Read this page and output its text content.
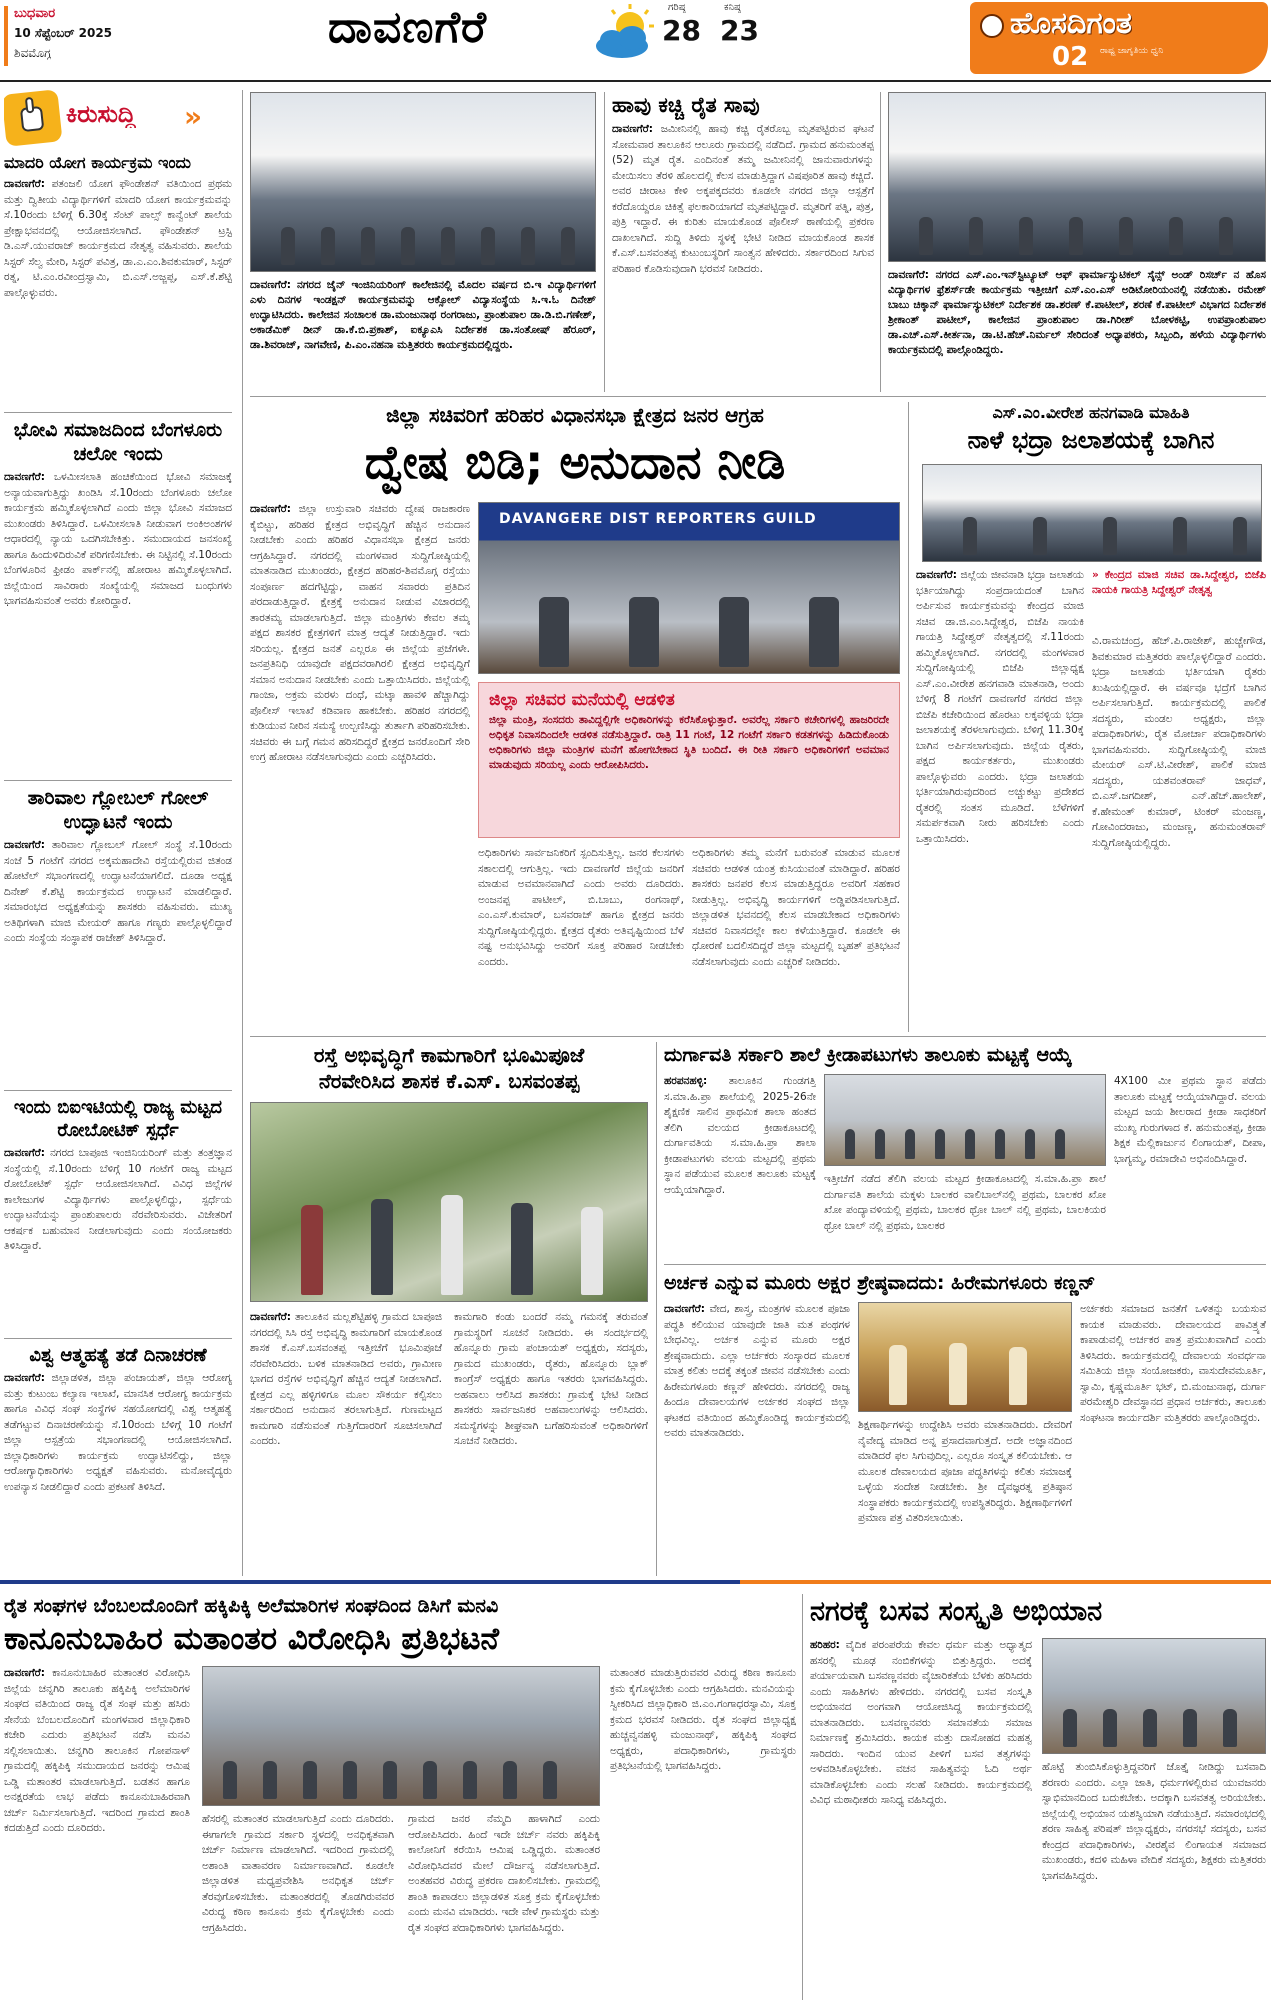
ಬುಧವಾರ
10 ಸೆಪ್ಟೆಂಬರ್ 2025
ಶಿವಮೊಗ್ಗ	ದಾವಣಗೆರೆ	ಗರಿಷ್ಠ
28
ಕನಿಷ್ಠ
23	ಹೊಸದಿಗಂತ
ರಾಷ್ಟ್ರ ಜಾಗೃತಿಯ ಧ್ವನಿ
02
ಕಿರುಸುದ್ದಿ »
ಮಾದರಿ ಯೋಗ ಕಾರ್ಯಕ್ರಮ ಇಂದು
ದಾವಣಗೆರೆ: ಪತಂಜಲಿ ಯೋಗ ಫೌಂಡೇಶನ್ ವತಿಯಿಂದ ಪ್ರಥಮ ಮತ್ತು ದ್ವಿತೀಯ ವಿದ್ಯಾರ್ಥಿಗಳಿಗೆ ಮಾದರಿ ಯೋಗ ಕಾರ್ಯಕ್ರಮವನ್ನು ಸೆ.10ರಂದು ಬೆಳಿಗ್ಗೆ 6.30ಕ್ಕೆ ಸೆಂಟ್ ಪಾಲ್ಸ್ ಕಾನ್ವೆಂಟ್ ಶಾಲೆಯ ಪ್ರೇಕ್ಷಾಭವನದಲ್ಲಿ ಆಯೋಜಿಸಲಾಗಿದೆ. ಫೌಂಡೇಶನ್ ಟ್ರಸ್ಟಿ ಡಿ.ಎಸ್.ಯುವರಾಜ್ ಕಾರ್ಯಕ್ರಮದ ನೇತೃತ್ವ ವಹಿಸುವರು. ಶಾಲೆಯ ಸಿಸ್ಟರ್ ಸೆಲ್ವ ಮೇರಿ, ಸಿಸ್ಟರ್ ಪವಿತ್ರ, ಡಾ.ಎ.ಎಂ.ಶಿವಕುಮಾರ್, ಸಿಸ್ಟರ್ ರತ್ನ, ಟಿ.ಎಂ.ರವೀಂದ್ರಸ್ವಾಮಿ, ಬಿ.ಎಸ್.ಅಜ್ಜಪ್ಪ, ಎಸ್.ಕೆ.ಶೆಟ್ಟಿ ಪಾಲ್ಗೊಳ್ಳುವರು.
ಭೋವಿ ಸಮಾಜದಿಂದ ಬೆಂಗಳೂರು ಚಲೋ ಇಂದು
ದಾವಣಗೆರೆ: ಒಳಮೀಸಲಾತಿ ಹಂಚಿಕೆಯಿಂದ ಭೋವಿ ಸಮಾಜಕ್ಕೆ ಅನ್ಯಾಯವಾಗುತ್ತಿದ್ದು ಖಂಡಿಸಿ ಸೆ.10ರಂದು ಬೆಂಗಳೂರು ಚಲೋ ಕಾರ್ಯಕ್ರಮ ಹಮ್ಮಿಕೊಳ್ಳಲಾಗಿದೆ ಎಂದು ಜಿಲ್ಲಾ ಭೋವಿ ಸಮಾಜದ ಮುಖಂಡರು ತಿಳಿಸಿದ್ದಾರೆ. ಒಳಮೀಸಲಾತಿ ನೀಡುವಾಗ ಅಂಕಿಅಂಶಗಳ ಆಧಾರದಲ್ಲಿ ನ್ಯಾಯ ಒದಗಿಸಬೇಕಿತ್ತು. ಸಮುದಾಯದ ಜನಸಂಖ್ಯೆ ಹಾಗೂ ಹಿಂದುಳಿದಿರುವಿಕೆ ಪರಿಗಣಿಸಬೇಕು. ಈ ನಿಟ್ಟಿನಲ್ಲಿ ಸೆ.10ರಂದು ಬೆಂಗಳೂರಿನ ಫ್ರೀಡಂ ಪಾರ್ಕ್‌ನಲ್ಲಿ ಹೋರಾಟ ಹಮ್ಮಿಕೊಳ್ಳಲಾಗಿದೆ. ಜಿಲ್ಲೆಯಿಂದ ಸಾವಿರಾರು ಸಂಖ್ಯೆಯಲ್ಲಿ ಸಮಾಜದ ಬಂಧುಗಳು ಭಾಗವಹಿಸುವಂತೆ ಅವರು ಕೋರಿದ್ದಾರೆ.
ತಾರಿವಾಲ ಗ್ಲೋಬಲ್ ಗೋಲ್ ಉದ್ಘಾಟನೆ ಇಂದು
ದಾವಣಗೆರೆ: ತಾರಿವಾಲ ಗ್ಲೋಬಲ್ ಗೋಲ್ ಸಂಸ್ಥೆ ಸೆ.10ರಂದು ಸಂಜೆ 5 ಗಂಟೆಗೆ ನಗರದ ಅಕ್ಕಮಹಾದೇವಿ ರಸ್ತೆಯಲ್ಲಿರುವ ಜಿತಂಡ ಹೋಟೆಲ್ ಸಭಾಂಗಣದಲ್ಲಿ ಉದ್ಘಾಟನೆಯಾಗಲಿದೆ. ದೂಡಾ ಅಧ್ಯಕ್ಷ ದಿನೇಶ್ ಕೆ.ಶೆಟ್ಟಿ ಕಾರ್ಯಕ್ರಮದ ಉದ್ಘಾಟನೆ ಮಾಡಲಿದ್ದಾರೆ. ಸಮಾರಂಭದ ಅಧ್ಯಕ್ಷತೆಯನ್ನು ಶಾಸಕರು ವಹಿಸುವರು. ಮುಖ್ಯ ಅತಿಥಿಗಳಾಗಿ ಮಾಜಿ ಮೇಯರ್ ಹಾಗೂ ಗಣ್ಯರು ಪಾಲ್ಗೊಳ್ಳಲಿದ್ದಾರೆ ಎಂದು ಸಂಸ್ಥೆಯ ಸಂಸ್ಥಾಪಕ ರಾಜೇಶ್ ತಿಳಿಸಿದ್ದಾರೆ.
ಇಂದು ಬಿಐಇಟಿಯಲ್ಲಿ ರಾಜ್ಯ ಮಟ್ಟದ ರೋಬೋಟಿಕ್ ಸ್ಪರ್ಧೆ
ದಾವಣಗೆರೆ: ನಗರದ ಬಾಪೂಜಿ ಇಂಜಿನಿಯರಿಂಗ್ ಮತ್ತು ತಂತ್ರಜ್ಞಾನ ಸಂಸ್ಥೆಯಲ್ಲಿ ಸೆ.10ರಂದು ಬೆಳಿಗ್ಗೆ 10 ಗಂಟೆಗೆ ರಾಜ್ಯ ಮಟ್ಟದ ರೋಬೋಟಿಕ್ ಸ್ಪರ್ಧೆ ಆಯೋಜಿಸಲಾಗಿದೆ. ವಿವಿಧ ಜಿಲ್ಲೆಗಳ ಕಾಲೇಜುಗಳ ವಿದ್ಯಾರ್ಥಿಗಳು ಪಾಲ್ಗೊಳ್ಳಲಿದ್ದು, ಸ್ಪರ್ಧೆಯ ಉದ್ಘಾಟನೆಯನ್ನು ಪ್ರಾಂಶುಪಾಲರು ನೆರವೇರಿಸುವರು. ವಿಜೇತರಿಗೆ ಆಕರ್ಷಕ ಬಹುಮಾನ ನೀಡಲಾಗುವುದು ಎಂದು ಸಂಯೋಜಕರು ತಿಳಿಸಿದ್ದಾರೆ.
ವಿಶ್ವ ಆತ್ಮಹತ್ಯೆ ತಡೆ ದಿನಾಚರಣೆ
ದಾವಣಗೆರೆ: ಜಿಲ್ಲಾಡಳಿತ, ಜಿಲ್ಲಾ ಪಂಚಾಯತ್, ಜಿಲ್ಲಾ ಆರೋಗ್ಯ ಮತ್ತು ಕುಟುಂಬ ಕಲ್ಯಾಣ ಇಲಾಖೆ, ಮಾನಸಿಕ ಆರೋಗ್ಯ ಕಾರ್ಯಕ್ರಮ ಹಾಗೂ ವಿವಿಧ ಸಂಘ ಸಂಸ್ಥೆಗಳ ಸಹಯೋಗದಲ್ಲಿ ವಿಶ್ವ ಆತ್ಮಹತ್ಯೆ ತಡೆಗಟ್ಟುವ ದಿನಾಚರಣೆಯನ್ನು ಸೆ.10ರಂದು ಬೆಳಿಗ್ಗೆ 10 ಗಂಟೆಗೆ ಜಿಲ್ಲಾ ಆಸ್ಪತ್ರೆಯ ಸಭಾಂಗಣದಲ್ಲಿ ಆಯೋಜಿಸಲಾಗಿದೆ. ಜಿಲ್ಲಾಧಿಕಾರಿಗಳು ಕಾರ್ಯಕ್ರಮ ಉದ್ಘಾಟಿಸಲಿದ್ದು, ಜಿಲ್ಲಾ ಆರೋಗ್ಯಾಧಿಕಾರಿಗಳು ಅಧ್ಯಕ್ಷತೆ ವಹಿಸುವರು. ಮನೋವೈದ್ಯರು ಉಪನ್ಯಾಸ ನೀಡಲಿದ್ದಾರೆ ಎಂದು ಪ್ರಕಟಣೆ ತಿಳಿಸಿದೆ.
ದಾವಣಗೆರೆ: ನಗರದ ಜೈನ್ ಇಂಜಿನಿಯರಿಂಗ್ ಕಾಲೇಜಿನಲ್ಲಿ ಮೊದಲ ವರ್ಷದ ಬಿ.ಇ ವಿದ್ಯಾರ್ಥಿಗಳಿಗೆ ಎಳು ದಿನಗಳ ಇಂಡಕ್ಷನ್ ಕಾರ್ಯಕ್ರಮವನ್ನು ಆಕ್ಸೋಲ್ ವಿದ್ಯಾಸಂಸ್ಥೆಯ ಸಿ.ಇ.ಓ ದಿನೇಶ್ ಉದ್ಘಾಟಿಸಿದರು. ಕಾಲೇಜಿನ ಸಂಚಾಲಕ ಡಾ.ಮಂಜುನಾಥ ರಂಗರಾಜು, ಪ್ರಾಂಶುಪಾಲ ಡಾ.ಡಿ.ಬಿ.ಗಣೇಶ್, ಅಕಾಡೆಮಿಕ್ ಡೀನ್ ಡಾ.ಕೆ.ಬಿ.ಪ್ರಕಾಶ್, ಐಕ್ಯೂಎಸಿ ನಿರ್ದೇಶಕ ಡಾ.ಸಂತೋಷ್ ಹೆರೂರ್, ಡಾ.ಶಿವರಾಜ್, ನಾಗವೇಣಿ, ಪಿ.ಎಂ.ನಹನಾ ಮತ್ತಿತರರು ಕಾರ್ಯಕ್ರಮದಲ್ಲಿದ್ದರು.
ಹಾವು ಕಚ್ಚಿ ರೈತ ಸಾವು
ದಾವಣಗೆರೆ: ಜಮೀನಿನಲ್ಲಿ ಹಾವು ಕಚ್ಚಿ ರೈತರೊಬ್ಬ ಮೃತಪಟ್ಟಿರುವ ಘಟನೆ ಸೋಮವಾರ ತಾಲೂಕಿನ ಆಲೂರು ಗ್ರಾಮದಲ್ಲಿ ನಡೆದಿದೆ. ಗ್ರಾಮದ ಹನುಮಂತಪ್ಪ (52) ಮೃತ ರೈತ. ಎಂದಿನಂತೆ ತಮ್ಮ ಜಮೀನಿನಲ್ಲಿ ಜಾನುವಾರುಗಳನ್ನು ಮೇಯಿಸಲು ತೆರಳಿ ಹೊಲದಲ್ಲಿ ಕೆಲಸ ಮಾಡುತ್ತಿದ್ದಾಗ ವಿಷಪೂರಿತ ಹಾವು ಕಚ್ಚಿದೆ. ಅವರ ಚೀರಾಟ ಕೇಳಿ ಅಕ್ಕಪಕ್ಕದವರು ಕೂಡಲೇ ನಗರದ ಜಿಲ್ಲಾ ಆಸ್ಪತ್ರೆಗೆ ಕರೆದೊಯ್ದರೂ ಚಿಕಿತ್ಸೆ ಫಲಕಾರಿಯಾಗದೆ ಮೃತಪಟ್ಟಿದ್ದಾರೆ. ಮೃತರಿಗೆ ಪತ್ನಿ, ಪುತ್ರ, ಪುತ್ರಿ ಇದ್ದಾರೆ. ಈ ಕುರಿತು ಮಾಯಕೊಂಡ ಪೊಲೀಸ್ ಠಾಣೆಯಲ್ಲಿ ಪ್ರಕರಣ ದಾಖಲಾಗಿದೆ. ಸುದ್ದಿ ತಿಳಿದು ಸ್ಥಳಕ್ಕೆ ಭೇಟಿ ನೀಡಿದ ಮಾಯಕೊಂಡ ಶಾಸಕ ಕೆ.ಎಸ್.ಬಸವಂತಪ್ಪ ಕುಟುಂಬಸ್ಥರಿಗೆ ಸಾಂತ್ವನ ಹೇಳಿದರು. ಸರ್ಕಾರದಿಂದ ಸಿಗುವ ಪರಿಹಾರ ಕೊಡಿಸುವುದಾಗಿ ಭರವಸೆ ನೀಡಿದರು.
ದಾವಣಗೆರೆ: ನಗರದ ಎಸ್.ಎಂ.ಇನ್‌ಸ್ಟಿಟ್ಯೂಟ್ ಆಫ್ ಫಾರ್ಮಾಸ್ಯುಟಿಕಲ್ ಸೈನ್ಸ್ ಅಂಡ್ ರಿಸರ್ಚ್ ನ ಹೊಸ ವಿದ್ಯಾರ್ಥಿಗಳ ಫ್ರೆಶರ್ಸ್‌ಡೇ ಕಾರ್ಯಕ್ರಮ ಇತ್ತೀಚಿಗೆ ಎಸ್.ಎಂ.ಎಸ್ ಅಡಿಟೋರಿಯಂನಲ್ಲಿ ನಡೆಯಿತು. ರಮೇಶ್ ಬಾಬು ಚಿಕ್ಕಾನ್ ಫಾರ್ಮಾಸ್ಯುಟಿಕಲ್ ನಿರ್ದೇಶಕ ಡಾ.ಶರಣ್ ಕೆ.ಪಾಟೀಲ್, ಶರಣೆ ಕೆ.ಪಾಟೀಲ್ ವಿಭಾಗದ ನಿರ್ದೇಶಕ ಶ್ರೀಕಾಂತ್ ಪಾಟೀಲ್, ಕಾಲೇಜಿನ ಪ್ರಾಂಶುಪಾಲ ಡಾ.ಗಿರೀಶ್ ಬೋಳಕಟ್ಟಿ, ಉಪಪ್ರಾಂಶುಪಾಲ ಡಾ.ಎಚ್.ಎಸ್.ಕೀರ್ತನಾ, ಡಾ.ಟಿ.ಹೆಚ್.ನಿರ್ಮಲ್ ಸೇರಿದಂತೆ ಅಧ್ಯಾಪಕರು, ಸಿಬ್ಬಂದಿ, ಹಳೆಯ ವಿದ್ಯಾರ್ಥಿಗಳು ಕಾರ್ಯಕ್ರಮದಲ್ಲಿ ಪಾಲ್ಗೊಂಡಿದ್ದರು.
ಜಿಲ್ಲಾ ಸಚಿವರಿಗೆ ಹರಿಹರ ವಿಧಾನಸಭಾ ಕ್ಷೇತ್ರದ ಜನರ ಆಗ್ರಹ
ದ್ವೇಷ ಬಿಡಿ; ಅನುದಾನ ನೀಡಿ
ದಾವಣಗೆರೆ: ಜಿಲ್ಲಾ ಉಸ್ತುವಾರಿ ಸಚಿವರು ದ್ವೇಷ ರಾಜಕಾರಣ ಕೈಬಿಟ್ಟು, ಹರಿಹರ ಕ್ಷೇತ್ರದ ಅಭಿವೃದ್ಧಿಗೆ ಹೆಚ್ಚಿನ ಅನುದಾನ ನೀಡಬೇಕು ಎಂದು ಹರಿಹರ ವಿಧಾನಸಭಾ ಕ್ಷೇತ್ರದ ಜನರು ಆಗ್ರಹಿಸಿದ್ದಾರೆ. ನಗರದಲ್ಲಿ ಮಂಗಳವಾರ ಸುದ್ದಿಗೋಷ್ಠಿಯಲ್ಲಿ ಮಾತನಾಡಿದ ಮುಖಂಡರು, ಕ್ಷೇತ್ರದ ಹರಿಹರ-ಶಿವಮೊಗ್ಗ ರಸ್ತೆಯು ಸಂಪೂರ್ಣ ಹದಗೆಟ್ಟಿದ್ದು, ವಾಹನ ಸವಾರರು ಪ್ರತಿದಿನ ಪರದಾಡುತ್ತಿದ್ದಾರೆ. ಕ್ಷೇತ್ರಕ್ಕೆ ಅನುದಾನ ನೀಡುವ ವಿಚಾರದಲ್ಲಿ ತಾರತಮ್ಯ ಮಾಡಲಾಗುತ್ತಿದೆ. ಜಿಲ್ಲಾ ಮಂತ್ರಿಗಳು ಕೇವಲ ತಮ್ಮ ಪಕ್ಷದ ಶಾಸಕರ ಕ್ಷೇತ್ರಗಳಿಗೆ ಮಾತ್ರ ಆದ್ಯತೆ ನೀಡುತ್ತಿದ್ದಾರೆ. ಇದು ಸರಿಯಲ್ಲ. ಕ್ಷೇತ್ರದ ಜನತೆ ಎಲ್ಲರೂ ಈ ಜಿಲ್ಲೆಯ ಪ್ರಜೆಗಳೇ. ಜನಪ್ರತಿನಿಧಿ ಯಾವುದೇ ಪಕ್ಷದವರಾಗಿರಲಿ ಕ್ಷೇತ್ರದ ಅಭಿವೃದ್ಧಿಗೆ ಸಮಾನ ಅನುದಾನ ನೀಡಬೇಕು ಎಂದು ಒತ್ತಾಯಿಸಿದರು. ಜಿಲ್ಲೆಯಲ್ಲಿ ಗಾಂಜಾ, ಅಕ್ರಮ ಮರಳು ದಂಧೆ, ಮಟ್ಕಾ ಹಾವಳಿ ಹೆಚ್ಚಾಗಿದ್ದು ಪೊಲೀಸ್ ಇಲಾಖೆ ಕಡಿವಾಣ ಹಾಕಬೇಕು. ಹರಿಹರ ನಗರದಲ್ಲಿ ಕುಡಿಯುವ ನೀರಿನ ಸಮಸ್ಯೆ ಉಲ್ಬಣಿಸಿದ್ದು ತುರ್ತಾಗಿ ಪರಿಹರಿಸಬೇಕು. ಸಚಿವರು ಈ ಬಗ್ಗೆ ಗಮನ ಹರಿಸದಿದ್ದರೆ ಕ್ಷೇತ್ರದ ಜನರೊಂದಿಗೆ ಸೇರಿ ಉಗ್ರ ಹೋರಾಟ ನಡೆಸಲಾಗುವುದು ಎಂದು ಎಚ್ಚರಿಸಿದರು.
DAVANGERE DIST REPORTERS GUILD
ಜಿಲ್ಲಾ ಸಚಿವರ ಮನೆಯಲ್ಲಿ ಆಡಳಿತ
ಜಿಲ್ಲಾ ಮಂತ್ರಿ, ಸಂಸದರು ತಾವಿದ್ದಲ್ಲಿಗೇ ಅಧಿಕಾರಿಗಳನ್ನು ಕರೆಸಿಕೊಳ್ಳುತ್ತಾರೆ. ಅವರೆಲ್ಲ ಸರ್ಕಾರಿ ಕಚೇರಿಗಳಲ್ಲಿ ಹಾಜರಿರದೇ ಅಧಿಕೃತ ನಿವಾಸದಿಂದಲೇ ಆಡಳಿತ ನಡೆಸುತ್ತಿದ್ದಾರೆ. ರಾತ್ರಿ 11 ಗಂಟೆ, 12 ಗಂಟೆಗೆ ಸರ್ಕಾರಿ ಕಡತಗಳನ್ನು ಹಿಡಿದುಕೊಂಡು ಅಧಿಕಾರಿಗಳು ಜಿಲ್ಲಾ ಮಂತ್ರಿಗಳ ಮನೆಗೆ ಹೋಗಬೇಕಾದ ಸ್ಥಿತಿ ಬಂದಿದೆ. ಈ ರೀತಿ ಸರ್ಕಾರಿ ಅಧಿಕಾರಿಗಳಿಗೆ ಅವಮಾನ ಮಾಡುವುದು ಸರಿಯಲ್ಲ ಎಂದು ಆರೋಪಿಸಿದರು.
ಅಧಿಕಾರಿಗಳು ಸಾರ್ವಜನಿಕರಿಗೆ ಸ್ಪಂದಿಸುತ್ತಿಲ್ಲ. ಜನರ ಕೆಲಸಗಳು ಸಕಾಲದಲ್ಲಿ ಆಗುತ್ತಿಲ್ಲ. ಇದು ದಾವಣಗೆರೆ ಜಿಲ್ಲೆಯ ಜನರಿಗೆ ಮಾಡುವ ಅವಮಾನವಾಗಿದೆ ಎಂದು ಅವರು ದೂರಿದರು. ಅಂಜನಪ್ಪ ಪಾಟೀಲ್, ಬಿ.ಬಾಬು, ರಂಗನಾಥ್, ಎಂ.ಎಸ್.ಕುಮಾರ್, ಬಸವರಾಜ್ ಹಾಗೂ ಕ್ಷೇತ್ರದ ಜನರು ಸುದ್ದಿಗೋಷ್ಠಿಯಲ್ಲಿದ್ದರು. ಕ್ಷೇತ್ರದ ರೈತರು ಅತಿವೃಷ್ಟಿಯಿಂದ ಬೆಳೆ ನಷ್ಟ ಅನುಭವಿಸಿದ್ದು ಅವರಿಗೆ ಸೂಕ್ತ ಪರಿಹಾರ ನೀಡಬೇಕು ಎಂದರು.
ಅಧಿಕಾರಿಗಳು ತಮ್ಮ ಮನೆಗೆ ಬರುವಂತೆ ಮಾಡುವ ಮೂಲಕ ಸಚಿವರು ಆಡಳಿತ ಯಂತ್ರ ಕುಸಿಯುವಂತೆ ಮಾಡಿದ್ದಾರೆ. ಹರಿಹರ ಶಾಸಕರು ಜನಪರ ಕೆಲಸ ಮಾಡುತ್ತಿದ್ದರೂ ಅವರಿಗೆ ಸಹಕಾರ ನೀಡುತ್ತಿಲ್ಲ. ಅಭಿವೃದ್ಧಿ ಕಾರ್ಯಗಳಿಗೆ ಅಡ್ಡಿಪಡಿಸಲಾಗುತ್ತಿದೆ. ಜಿಲ್ಲಾಡಳಿತ ಭವನದಲ್ಲಿ ಕೆಲಸ ಮಾಡಬೇಕಾದ ಅಧಿಕಾರಿಗಳು ಸಚಿವರ ನಿವಾಸದಲ್ಲೇ ಕಾಲ ಕಳೆಯುತ್ತಿದ್ದಾರೆ. ಕೂಡಲೇ ಈ ಧೋರಣೆ ಬದಲಿಸದಿದ್ದರೆ ಜಿಲ್ಲಾ ಮಟ್ಟದಲ್ಲಿ ಬೃಹತ್ ಪ್ರತಿಭಟನೆ ನಡೆಸಲಾಗುವುದು ಎಂದು ಎಚ್ಚರಿಕೆ ನೀಡಿದರು.
ಎಸ್.ಎಂ.ವೀರೇಶ ಹನಗವಾಡಿ ಮಾಹಿತಿ
ನಾಳೆ ಭದ್ರಾ ಜಲಾಶಯಕ್ಕೆ ಬಾಗಿನ
ದಾವಣಗೆರೆ: ಜಿಲ್ಲೆಯ ಜೀವನಾಡಿ ಭದ್ರಾ ಜಲಾಶಯ ಭರ್ತಿಯಾಗಿದ್ದು ಸಂಪ್ರದಾಯದಂತೆ ಬಾಗಿನ ಅರ್ಪಿಸುವ ಕಾರ್ಯಕ್ರಮವನ್ನು ಕೇಂದ್ರದ ಮಾಜಿ ಸಚಿವ ಡಾ.ಜಿ.ಎಂ.ಸಿದ್ದೇಶ್ವರ, ಬಿಜೆಪಿ ನಾಯಕಿ ಗಾಯತ್ರಿ ಸಿದ್ದೇಶ್ವರ್ ನೇತೃತ್ವದಲ್ಲಿ ಸೆ.11ರಂದು ಹಮ್ಮಿಕೊಳ್ಳಲಾಗಿದೆ. ನಗರದಲ್ಲಿ ಮಂಗಳವಾರ ಸುದ್ದಿಗೋಷ್ಠಿಯಲ್ಲಿ ಬಿಜೆಪಿ ಜಿಲ್ಲಾಧ್ಯಕ್ಷ ಎಸ್.ಎಂ.ವೀರೇಶ ಹನಗವಾಡಿ ಮಾತನಾಡಿ, ಅಂದು ಬೆಳಿಗ್ಗೆ 8 ಗಂಟೆಗೆ ದಾವಣಗೆರೆ ನಗರದ ಜಿಲ್ಲಾ ಬಿಜೆಪಿ ಕಚೇರಿಯಿಂದ ಹೊರಟು ಲಕ್ಕವಳ್ಳಿಯ ಭದ್ರಾ ಜಲಾಶಯಕ್ಕೆ ತೆರಳಲಾಗುವುದು. ಬೆಳಿಗ್ಗೆ 11.30ಕ್ಕೆ ಬಾಗಿನ ಅರ್ಪಿಸಲಾಗುವುದು. ಜಿಲ್ಲೆಯ ರೈತರು, ಪಕ್ಷದ ಕಾರ್ಯಕರ್ತರು, ಮುಖಂಡರು ಪಾಲ್ಗೊಳ್ಳುವರು ಎಂದರು. ಭದ್ರಾ ಜಲಾಶಯ ಭರ್ತಿಯಾಗಿರುವುದರಿಂದ ಅಚ್ಚುಕಟ್ಟು ಪ್ರದೇಶದ ರೈತರಲ್ಲಿ ಸಂತಸ ಮೂಡಿದೆ. ಬೆಳೆಗಳಿಗೆ ಸಮರ್ಪಕವಾಗಿ ನೀರು ಹರಿಸಬೇಕು ಎಂದು ಒತ್ತಾಯಿಸಿದರು.
» ಕೇಂದ್ರದ ಮಾಜಿ ಸಚಿವ ಡಾ.ಸಿದ್ದೇಶ್ವರ, ಬಿಜೆಪಿ ನಾಯಕಿ ಗಾಯತ್ರಿ ಸಿದ್ದೇಶ್ವರ್ ನೇತೃತ್ವ
ವಿ.ರಾಮಚಂದ್ರ, ಹೆಚ್.ಪಿ.ರಾಜೇಶ್, ಹುಚ್ಚೇಗೌಡ, ಶಿವಕುಮಾರ ಮತ್ತಿತರರು ಪಾಲ್ಗೊಳ್ಳಲಿದ್ದಾರೆ ಎಂದರು. ಭದ್ರಾ ಜಲಾಶಯ ಭರ್ತಿಯಾಗಿ ರೈತರು ಖುಷಿಯಲ್ಲಿದ್ದಾರೆ. ಈ ವರ್ಷವೂ ಭದ್ರೆಗೆ ಬಾಗಿನ ಅರ್ಪಿಸಲಾಗುತ್ತಿದೆ. ಕಾರ್ಯಕ್ರಮದಲ್ಲಿ ಪಾಲಿಕೆ ಸದಸ್ಯರು, ಮಂಡಲ ಅಧ್ಯಕ್ಷರು, ಜಿಲ್ಲಾ ಪದಾಧಿಕಾರಿಗಳು, ರೈತ ಮೋರ್ಚಾ ಪದಾಧಿಕಾರಿಗಳು ಭಾಗವಹಿಸುವರು. ಸುದ್ದಿಗೋಷ್ಠಿಯಲ್ಲಿ ಮಾಜಿ ಮೇಯರ್ ಎಸ್.ಟಿ.ವೀರೇಶ್, ಪಾಲಿಕೆ ಮಾಜಿ ಸದಸ್ಯರು, ಯಶವಂತರಾವ್ ಜಾಧವ್, ಬಿ.ಎಸ್.ಜಗದೀಶ್, ಎನ್.ಹೆಚ್.ಹಾಲೇಶ್, ಕೆ.ಹೇಮಂತ್ ಕುಮಾರ್, ಟಿಂಕರ್ ಮಂಜಣ್ಣ, ಗೋವಿಂದರಾಜು, ಮಂಜಣ್ಣ, ಹನುಮಂತರಾವ್ ಸುದ್ದಿಗೋಷ್ಠಿಯಲ್ಲಿದ್ದರು.
ರಸ್ತೆ ಅಭಿವೃದ್ಧಿಗೆ ಕಾಮಗಾರಿಗೆ ಭೂಮಿಪೂಜೆ
ನೆರವೇರಿಸಿದ ಶಾಸಕ ಕೆ.ಎಸ್. ಬಸವಂತಪ್ಪ
ದಾವಣಗೆರೆ: ತಾಲೂಕಿನ ಮಲ್ಲಶೆಟ್ಟಿಹಳ್ಳಿ ಗ್ರಾಮದ ಬಾಪೂಜಿ ನಗರದಲ್ಲಿ ಸಿಸಿ ರಸ್ತೆ ಅಭಿವೃದ್ಧಿ ಕಾಮಗಾರಿಗೆ ಮಾಯಕೊಂಡ ಶಾಸಕ ಕೆ.ಎಸ್.ಬಸವಂತಪ್ಪ ಇತ್ತೀಚೆಗೆ ಭೂಮಿಪೂಜೆ ನೆರವೇರಿಸಿದರು. ಬಳಿಕ ಮಾತನಾಡಿದ ಅವರು, ಗ್ರಾಮೀಣ ಭಾಗದ ರಸ್ತೆಗಳ ಅಭಿವೃದ್ಧಿಗೆ ಹೆಚ್ಚಿನ ಆದ್ಯತೆ ನೀಡಲಾಗಿದೆ. ಕ್ಷೇತ್ರದ ಎಲ್ಲ ಹಳ್ಳಿಗಳಿಗೂ ಮೂಲ ಸೌಕರ್ಯ ಕಲ್ಪಿಸಲು ಸರ್ಕಾರದಿಂದ ಅನುದಾನ ತರಲಾಗುತ್ತಿದೆ. ಗುಣಮಟ್ಟದ ಕಾಮಗಾರಿ ನಡೆಸುವಂತೆ ಗುತ್ತಿಗೆದಾರರಿಗೆ ಸೂಚಿಸಲಾಗಿದೆ ಎಂದರು.
ಕಾಮಗಾರಿ ಕಂಡು ಬಂದರೆ ನಮ್ಮ ಗಮನಕ್ಕೆ ತರುವಂತೆ ಗ್ರಾಮಸ್ಥರಿಗೆ ಸೂಚನೆ ನೀಡಿದರು. ಈ ಸಂದರ್ಭದಲ್ಲಿ ಹೊನ್ನೂರು ಗ್ರಾಮ ಪಂಚಾಯತ್ ಅಧ್ಯಕ್ಷರು, ಸದಸ್ಯರು, ಗ್ರಾಮದ ಮುಖಂಡರು, ರೈತರು, ಹೊನ್ನೂರು ಬ್ಲಾಕ್ ಕಾಂಗ್ರೆಸ್ ಅಧ್ಯಕ್ಷರು ಹಾಗೂ ಇತರರು ಭಾಗವಹಿಸಿದ್ದರು. ಅಹವಾಲು ಆಲಿಸಿದ ಶಾಸಕರು: ಗ್ರಾಮಕ್ಕೆ ಭೇಟಿ ನೀಡಿದ ಶಾಸಕರು ಸಾರ್ವಜನಿಕರ ಅಹವಾಲುಗಳನ್ನು ಆಲಿಸಿದರು. ಸಮಸ್ಯೆಗಳನ್ನು ಶೀಘ್ರವಾಗಿ ಬಗೆಹರಿಸುವಂತೆ ಅಧಿಕಾರಿಗಳಿಗೆ ಸೂಚನೆ ನೀಡಿದರು.
ದುರ್ಗಾವತಿ ಸರ್ಕಾರಿ ಶಾಲೆ ಕ್ರೀಡಾಪಟುಗಳು ತಾಲೂಕು ಮಟ್ಟಕ್ಕೆ ಆಯ್ಕೆ
ಹರಪನಹಳ್ಳಿ: ತಾಲೂಕಿನ ಗುಂಡಗತ್ತಿ ಸ.ಮಾ.ಹಿ.ಪ್ರಾ ಶಾಲೆಯಲ್ಲಿ 2025-26ನೇ ಶೈಕ್ಷಣಿಕ ಸಾಲಿನ ಪ್ರಾಥಮಿಕ ಶಾಲಾ ಹಂತದ ತೆಲಿಗಿ ವಲಯದ ಕ್ರೀಡಾಕೂಟದಲ್ಲಿ ದುರ್ಗಾವತಿಯ ಸ.ಮಾ.ಹಿ.ಪ್ರಾ ಶಾಲಾ ಕ್ರೀಡಾಪಟುಗಳು ವಲಯ ಮಟ್ಟದಲ್ಲಿ ಪ್ರಥಮ ಸ್ಥಾನ ಪಡೆಯುವ ಮೂಲಕ ತಾಲೂಕು ಮಟ್ಟಕ್ಕೆ ಆಯ್ಕೆಯಾಗಿದ್ದಾರೆ.
ಇತ್ತೀಚೆಗೆ ನಡೆದ ತೆಲಿಗಿ ವಲಯ ಮಟ್ಟದ ಕ್ರೀಡಾಕೂಟದಲ್ಲಿ ಸ.ಮಾ.ಹಿ.ಪ್ರಾ ಶಾಲೆ ದುರ್ಗಾವತಿ ಶಾಲೆಯ ಮಕ್ಕಳು ಬಾಲಕರ ವಾಲಿಬಾಲ್‌ನಲ್ಲಿ ಪ್ರಥಮ, ಬಾಲಕರ ಖೋ ಖೋ ಪಂದ್ಯಾವಳಿಯಲ್ಲಿ ಪ್ರಥಮ, ಬಾಲಕರ ಥ್ರೋ ಬಾಲ್ ನಲ್ಲಿ ಪ್ರಥಮ, ಬಾಲಕಿಯರ ಥ್ರೋ ಬಾಲ್ ನಲ್ಲಿ ಪ್ರಥಮ, ಬಾಲಕರ
4X100 ಮೀ ಪ್ರಥಮ ಸ್ಥಾನ ಪಡೆದು ತಾಲೂಕು ಮಟ್ಟಕ್ಕೆ ಆಯ್ಕೆಯಾಗಿದ್ದಾರೆ. ವಲಯ ಮಟ್ಟದ ಜಯ ಶೀಲರಾದ ಕ್ರೀಡಾ ಸಾಧಕರಿಗೆ ಮುಖ್ಯ ಗುರುಗಳಾದ ಕೆ. ಹನುಮಂತಪ್ಪ, ಕ್ರೀಡಾ ಶಿಕ್ಷಕ ಮೆಲ್ಲಿಕಾರ್ಜುನ ಲಿಂಗಾಯತ್, ದೀಪಾ, ಭಾಗ್ಯಮ್ಮ, ರಮಾದೇವಿ ಅಭಿನಂದಿಸಿದ್ದಾರೆ.
ಅರ್ಚಕ ಎನ್ನುವ ಮೂರು ಅಕ್ಷರ ಶ್ರೇಷ್ಠವಾದದು: ಹಿರೇಮಗಳೂರು ಕಣ್ಣನ್
ದಾವಣಗೆರೆ: ವೇದ, ಶಾಸ್ತ್ರ, ಮಂತ್ರಗಳ ಮೂಲಕ ಪೂಜಾ ಪದ್ಧತಿ ಕಲಿಯುವ ಯಾವುದೇ ಜಾತಿ ಮತ ಪಂಥಗಳ ಬೇಧವಿಲ್ಲ. ಅರ್ಚಕ ಎನ್ನುವ ಮೂರು ಅಕ್ಷರ ಶ್ರೇಷ್ಠವಾದುದು. ಎಲ್ಲಾ ಅರ್ಚಕರು ಸಂಸ್ಕಾರದ ಮೂಲಕ ಮಾತ್ರ ಕಲಿತು ಅದಕ್ಕೆ ತಕ್ಕಂತೆ ಜೀವನ ನಡೆಸಬೇಕು ಎಂದು ಹಿರೇಮಗಳೂರು ಕಣ್ಣನ್ ಹೇಳಿದರು. ನಗರದಲ್ಲಿ ರಾಜ್ಯ ಹಿಂದೂ ದೇವಾಲಯಗಳ ಅರ್ಚಕರ ಸಂಘದ ಜಿಲ್ಲಾ ಘಟಕದ ವತಿಯಿಂದ ಹಮ್ಮಿಕೊಂಡಿದ್ದ ಕಾರ್ಯಕ್ರಮದಲ್ಲಿ ಅವರು ಮಾತನಾಡಿದರು.
ಶಿಕ್ಷಣಾರ್ಥಿಗಳನ್ನು ಉದ್ದೇಶಿಸಿ ಅವರು ಮಾತನಾಡಿದರು. ದೇವರಿಗೆ ನೈವೇದ್ಯ ಮಾಡಿದ ಅನ್ನ ಪ್ರಸಾದವಾಗುತ್ತದೆ. ಅದೇ ಅಜ್ಞಾನದಿಂದ ಮಾಡಿದರೆ ಫಲ ಸಿಗುವುದಿಲ್ಲ. ಎಲ್ಲರೂ ಸಂಸ್ಕೃತ ಕಲಿಯಬೇಕು. ಆ ಮೂಲಕ ದೇವಾಲಯದ ಪೂಜಾ ಪದ್ಧತಿಗಳನ್ನು ಕಲಿತು ಸಮಾಜಕ್ಕೆ ಒಳ್ಳೆಯ ಸಂದೇಶ ನೀಡಬೇಕು. ಶ್ರೀ ದೈವಜ್ಞರತ್ನ ಪ್ರತಿಷ್ಠಾನ ಸಂಸ್ಥಾಪಕರು ಕಾರ್ಯಕ್ರಮದಲ್ಲಿ ಉಪಸ್ಥಿತರಿದ್ದರು. ಶಿಕ್ಷಣಾರ್ಥಿಗಳಿಗೆ ಪ್ರಮಾಣ ಪತ್ರ ವಿತರಿಸಲಾಯಿತು.
ಅರ್ಚಕರು ಸಮಾಜದ ಜನತೆಗೆ ಒಳಿತನ್ನು ಬಯಸುವ ಕಾಯಕ ಮಾಡುವರು. ದೇವಾಲಯದ ಪಾವಿತ್ರ್ಯತೆ ಕಾಪಾಡುವಲ್ಲಿ ಅರ್ಚಕರ ಪಾತ್ರ ಪ್ರಮುಖವಾಗಿದೆ ಎಂದು ತಿಳಿಸಿದರು. ಕಾರ್ಯಕ್ರಮದಲ್ಲಿ ದೇವಾಲಯ ಸಂವರ್ಧನಾ ಸಮಿತಿಯ ಜಿಲ್ಲಾ ಸಂಯೋಜಕರು, ವಾಸುದೇವಮೂರ್ತಿ, ಸ್ವಾಮಿ, ಕೃಷ್ಣಮೂರ್ತಿ ಭಟ್, ಬಿ.ಮಂಜುನಾಥ, ದುರ್ಗಾ ಪರಮೇಶ್ವರಿ ದೇವಸ್ಥಾನದ ಪ್ರಧಾನ ಅರ್ಚಕರು, ತಾಲೂಕು ಸಂಘಟನಾ ಕಾರ್ಯದರ್ಶಿ ಮತ್ತಿತರರು ಪಾಲ್ಗೊಂಡಿದ್ದರು.
ರೈತ ಸಂಘಗಳ ಬೆಂಬಲದೊಂದಿಗೆ ಹಕ್ಕಿಪಿಕ್ಕಿ ಅಲೆಮಾರಿಗಳ ಸಂಘದಿಂದ ಡಿಸಿಗೆ ಮನವಿ
ಕಾನೂನುಬಾಹಿರ ಮತಾಂತರ ವಿರೋಧಿಸಿ ಪ್ರತಿಭಟನೆ
ದಾವಣಗೆರೆ: ಕಾನೂನುಬಾಹಿರ ಮತಾಂತರ ವಿರೋಧಿಸಿ ಜಿಲ್ಲೆಯ ಚನ್ನಗಿರಿ ತಾಲೂಕು ಹಕ್ಕಿಪಿಕ್ಕಿ ಅಲೆಮಾರಿಗಳ ಸಂಘದ ವತಿಯಿಂದ ರಾಜ್ಯ ರೈತ ಸಂಘ ಮತ್ತು ಹಸಿರು ಸೇನೆಯ ಬೆಂಬಲದೊಂದಿಗೆ ಮಂಗಳವಾರ ಜಿಲ್ಲಾಧಿಕಾರಿ ಕಚೇರಿ ಎದುರು ಪ್ರತಿಭಟನೆ ನಡೆಸಿ ಮನವಿ ಸಲ್ಲಿಸಲಾಯಿತು. ಚನ್ನಗಿರಿ ತಾಲೂಕಿನ ಗೋಪನಾಳ್ ಗ್ರಾಮದಲ್ಲಿ ಹಕ್ಕಿಪಿಕ್ಕಿ ಸಮುದಾಯದ ಜನರನ್ನು ಆಮಿಷ ಒಡ್ಡಿ ಮತಾಂತರ ಮಾಡಲಾಗುತ್ತಿದೆ. ಬಡತನ ಹಾಗೂ ಅನಕ್ಷರತೆಯ ಲಾಭ ಪಡೆದು ಕಾನೂನುಬಾಹಿರವಾಗಿ ಚರ್ಚ್ ನಿರ್ಮಿಸಲಾಗುತ್ತಿದೆ. ಇದರಿಂದ ಗ್ರಾಮದ ಶಾಂತಿ ಕದಡುತ್ತಿದೆ ಎಂದು ದೂರಿದರು.
ಹೆಸರಲ್ಲಿ ಮತಾಂತರ ಮಾಡಲಾಗುತ್ತಿದೆ ಎಂದು ದೂರಿದರು. ಈಗಾಗಲೇ ಗ್ರಾಮದ ಸರ್ಕಾರಿ ಸ್ಥಳದಲ್ಲಿ ಅನಧಿಕೃತವಾಗಿ ಚರ್ಚ್ ನಿರ್ಮಾಣ ಮಾಡಲಾಗಿದೆ. ಇದರಿಂದ ಗ್ರಾಮದಲ್ಲಿ ಅಶಾಂತಿ ವಾತಾವರಣ ನಿರ್ಮಾಣವಾಗಿದೆ. ಕೂಡಲೇ ಜಿಲ್ಲಾಡಳಿತ ಮಧ್ಯಪ್ರವೇಶಿಸಿ ಅನಧಿಕೃತ ಚರ್ಚ್ ತೆರವುಗೊಳಿಸಬೇಕು. ಮತಾಂತರದಲ್ಲಿ ತೊಡಗಿರುವವರ ವಿರುದ್ಧ ಕಠಿಣ ಕಾನೂನು ಕ್ರಮ ಕೈಗೊಳ್ಳಬೇಕು ಎಂದು ಆಗ್ರಹಿಸಿದರು.
ಗ್ರಾಮದ ಜನರ ನೆಮ್ಮದಿ ಹಾಳಾಗಿದೆ ಎಂದು ಆರೋಪಿಸಿದರು. ಹಿಂದೆ ಇದೇ ಚರ್ಚ್ ನವರು ಹಕ್ಕಿಪಿಕ್ಕಿ ಕಾಲೋನಿಗೆ ಕರೆಯಿಸಿ ಆಮಿಷ ಒಡ್ಡಿದ್ದರು. ಮತಾಂತರ ವಿರೋಧಿಸಿದವರ ಮೇಲೆ ದೌರ್ಜನ್ಯ ನಡೆಸಲಾಗುತ್ತಿದೆ. ಅಂತಹವರ ವಿರುದ್ಧ ಪ್ರಕರಣ ದಾಖಲಿಸಬೇಕು. ಗ್ರಾಮದಲ್ಲಿ ಶಾಂತಿ ಕಾಪಾಡಲು ಜಿಲ್ಲಾಡಳಿತ ಸೂಕ್ತ ಕ್ರಮ ಕೈಗೊಳ್ಳಬೇಕು ಎಂದು ಮನವಿ ಮಾಡಿದರು. ಇದೇ ವೇಳೆ ಗ್ರಾಮಸ್ಥರು ಮತ್ತು ರೈತ ಸಂಘದ ಪದಾಧಿಕಾರಿಗಳು ಭಾಗವಹಿಸಿದ್ದರು.
ಮತಾಂತರ ಮಾಡುತ್ತಿರುವವರ ವಿರುದ್ಧ ಕಠಿಣ ಕಾನೂನು ಕ್ರಮ ಕೈಗೊಳ್ಳಬೇಕು ಎಂದು ಆಗ್ರಹಿಸಿದರು. ಮನವಿಯನ್ನು ಸ್ವೀಕರಿಸಿದ ಜಿಲ್ಲಾಧಿಕಾರಿ ಜಿ.ಎಂ.ಗಂಗಾಧರಸ್ವಾಮಿ, ಸೂಕ್ತ ಕ್ರಮದ ಭರವಸೆ ನೀಡಿದರು. ರೈತ ಸಂಘದ ಜಿಲ್ಲಾಧ್ಯಕ್ಷ ಹುಚ್ಚವ್ವನಹಳ್ಳಿ ಮಂಜುನಾಥ್, ಹಕ್ಕಿಪಿಕ್ಕಿ ಸಂಘದ ಅಧ್ಯಕ್ಷರು, ಪದಾಧಿಕಾರಿಗಳು, ಗ್ರಾಮಸ್ಥರು ಪ್ರತಿಭಟನೆಯಲ್ಲಿ ಭಾಗವಹಿಸಿದ್ದರು.
ನಗರಕ್ಕೆ ಬಸವ ಸಂಸ್ಕೃತಿ ಅಭಿಯಾನ
ಹರಿಹರ: ವೈದಿಕ ಪರಂಪರೆಯ ಕೇವಲ ಧರ್ಮ ಮತ್ತು ಅಧ್ಯಾತ್ಮದ ಹಸರಲ್ಲಿ ಮೂಢ ನಂಬಿಕೆಗಳನ್ನು ಬಿತ್ತುತ್ತಿದ್ದರು. ಅದಕ್ಕೆ ಪರ್ಯಾಯವಾಗಿ ಬಸವಣ್ಣನವರು ವೈಚಾರಿಕತೆಯ ಬೆಳಕು ಹರಿಸಿದರು ಎಂದು ಸಾಹಿತಿಗಳು ಹೇಳಿದರು. ನಗರದಲ್ಲಿ ಬಸವ ಸಂಸ್ಕೃತಿ ಅಭಿಯಾನದ ಅಂಗವಾಗಿ ಆಯೋಜಿಸಿದ್ದ ಕಾರ್ಯಕ್ರಮದಲ್ಲಿ ಮಾತನಾಡಿದರು. ಬಸವಣ್ಣನವರು ಸಮಾನತೆಯ ಸಮಾಜ ನಿರ್ಮಾಣಕ್ಕೆ ಶ್ರಮಿಸಿದರು. ಕಾಯಕ ಮತ್ತು ದಾಸೋಹದ ಮಹತ್ವ ಸಾರಿದರು. ಇಂದಿನ ಯುವ ಪೀಳಿಗೆ ಬಸವ ತತ್ವಗಳನ್ನು ಅಳವಡಿಸಿಕೊಳ್ಳಬೇಕು. ವಚನ ಸಾಹಿತ್ಯವನ್ನು ಓದಿ ಅರ್ಥ ಮಾಡಿಕೊಳ್ಳಬೇಕು ಎಂದು ಸಲಹೆ ನೀಡಿದರು. ಕಾರ್ಯಕ್ರಮದಲ್ಲಿ ವಿವಿಧ ಮಠಾಧೀಶರು ಸಾನಿಧ್ಯ ವಹಿಸಿದ್ದರು.
ಹೊಟ್ಟೆ ತುಂಬಿಸಿಕೊಳ್ಳುತ್ತಿದ್ದವರಿಗೆ ಜೊತ್ತೈ ನೀಡಿದ್ದು ಬಸವಾದಿ ಶರಣರು ಎಂದರು. ಎಲ್ಲಾ ಜಾತಿ, ಧರ್ಮಗಳಲ್ಲಿರುವ ಯುವಜನರು ಸ್ವಾಭಿಮಾನದಿಂದ ಬದುಕಬೇಕು. ಅದಕ್ಕಾಗಿ ಬಸವತತ್ವ ಅರಿಯಬೇಕು. ಜಿಲ್ಲೆಯಲ್ಲಿ ಅಭಿಯಾನ ಯಶಸ್ವಿಯಾಗಿ ನಡೆಯುತ್ತಿದೆ. ಸಮಾರಂಭದಲ್ಲಿ ಶರಣ ಸಾಹಿತ್ಯ ಪರಿಷತ್ ಜಿಲ್ಲಾಧ್ಯಕ್ಷರು, ನಗರಸಭೆ ಸದಸ್ಯರು, ಬಸವ ಕೇಂದ್ರದ ಪದಾಧಿಕಾರಿಗಳು, ವೀರಶೈವ ಲಿಂಗಾಯತ ಸಮಾಜದ ಮುಖಂಡರು, ಕದಳಿ ಮಹಿಳಾ ವೇದಿಕೆ ಸದಸ್ಯರು, ಶಿಕ್ಷಕರು ಮತ್ತಿತರರು ಭಾಗವಹಿಸಿದ್ದರು.
